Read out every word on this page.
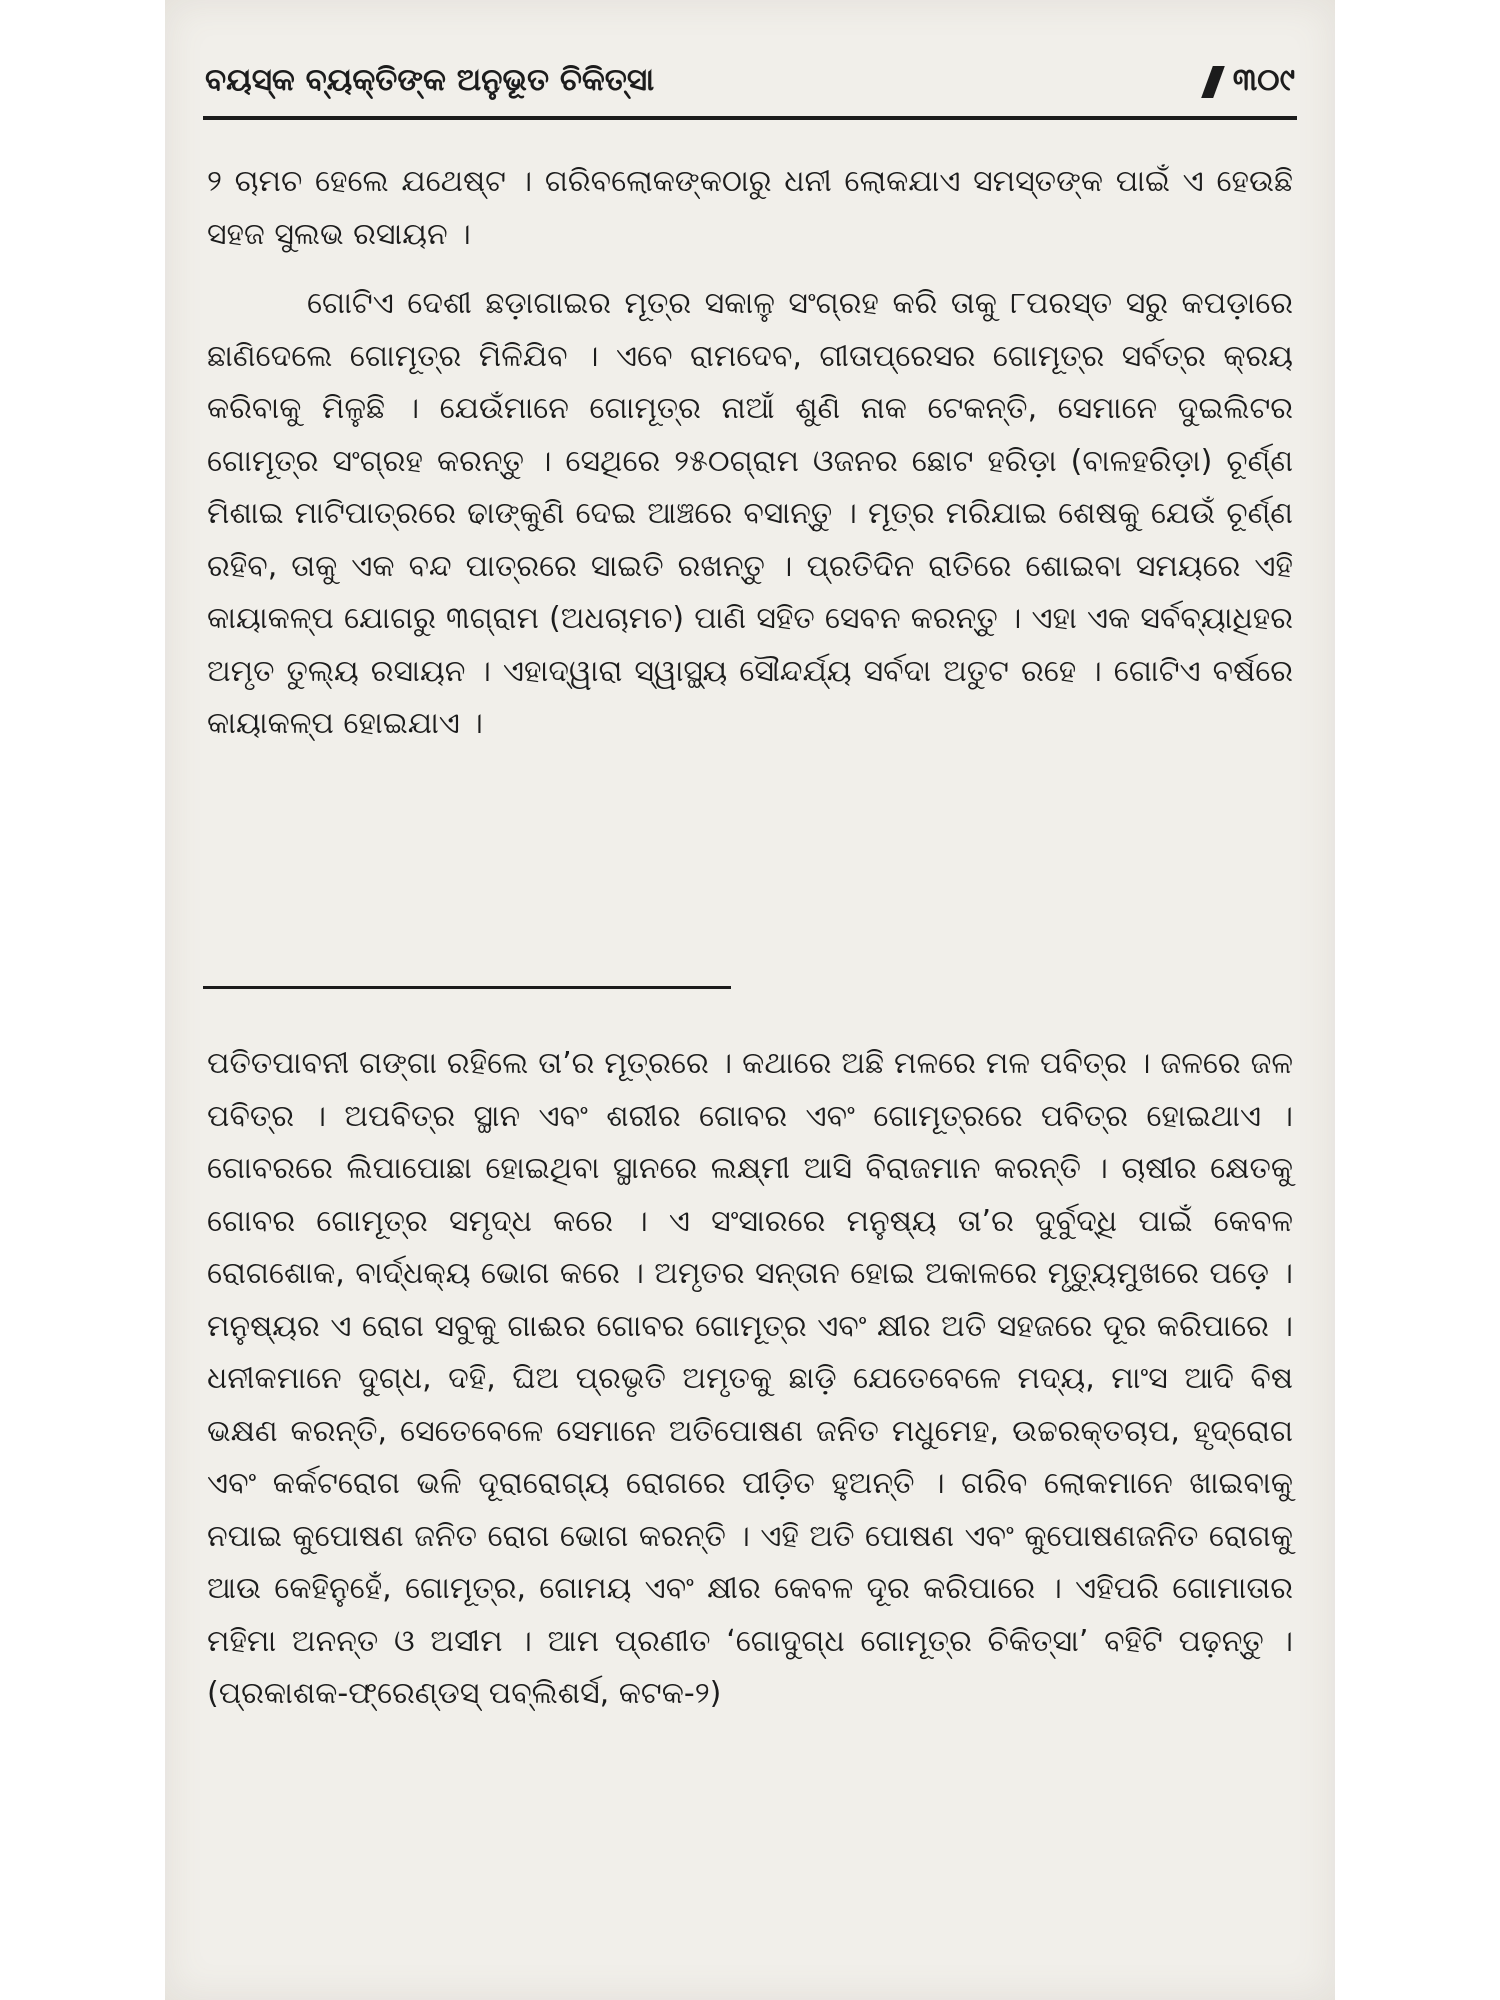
ବୟସ୍କ ବ୍ୟକ୍ତିଙ୍କ ଅନୁଭୂତ ଚିକିତ୍ସା	୩୦୯

୨ ଚାମଚ ହେଲେ ଯଥେଷ୍ଟ । ଗରିବଲୋକଙ୍କଠାରୁ ଧନୀ ଲୋକଯାଏ ସମସ୍ତଙ୍କ ପାଇଁ ଏ ହେଉଛି ସହଜ ସୁଲଭ ରସାୟନ ।

ଗୋଟିଏ ଦେଶୀ ଛଡ଼ାଗାଇର ମୂତ୍ର ସକାଳୁ ସଂଗ୍ରହ କରି ତାକୁ ୮ପରସ୍ତ ସରୁ କପଡ଼ାରେ ଛାଣିଦେଲେ ଗୋମୂତ୍ର ମିଳିଯିବ । ଏବେ ରାମଦେବ, ଗୀତାପ୍ରେସର ଗୋମୂତ୍ର ସର୍ବତ୍ର କ୍ରୟ କରିବାକୁ ମିଳୁଛି । ଯେଉଁମାନେ ଗୋମୂତ୍ର ନାଆଁ ଶୁଣି ନାକ ଟେକନ୍ତି, ସେମାନେ ଦୁଇଲିଟର ଗୋମୂତ୍ର ସଂଗ୍ରହ କରନ୍ତୁ । ସେଥିରେ ୨୫୦ଗ୍ରାମ ଓଜନର ଛୋଟ ହରିଡ଼ା (ବାଳହରିଡ଼ା) ଚୂର୍ଣ୍ଣ ମିଶାଇ ମାଟିପାତ୍ରରେ ଢାଙ୍କୁଣି ଦେଇ ଆଞ୍ଚରେ ବସାନ୍ତୁ । ମୂତ୍ର ମରିଯାଇ ଶେଷକୁ ଯେଉଁ ଚୂର୍ଣ୍ଣ ରହିବ, ତାକୁ ଏକ ବନ୍ଦ ପାତ୍ରରେ ସାଇତି ରଖନ୍ତୁ । ପ୍ରତିଦିନ ରାତିରେ ଶୋଇବା ସମୟରେ ଏହି କାୟାକଳ୍ପ ଯୋଗରୁ ୩ଗ୍ରାମ (ଅଧଚାମଚ) ପାଣି ସହିତ ସେବନ କରନ୍ତୁ । ଏହା ଏକ ସର୍ବବ୍ୟାଧିହର ଅମୃତ ତୁଲ୍ୟ ରସାୟନ । ଏହାଦ୍ୱାରା ସ୍ୱାସ୍ଥ୍ୟ ସୌନ୍ଦର୍ଯ୍ୟ ସର୍ବଦା ଅତୁଟ ରହେ । ଗୋଟିଏ ବର୍ଷରେ କାୟାକଳ୍ପ ହୋଇଯାଏ ।

ପତିତପାବନୀ ଗଙ୍ଗା ରହିଲେ ତା’ର ମୂତ୍ରରେ । କଥାରେ ଅଛି ମଳରେ ମଳ ପବିତ୍ର । ଜଳରେ ଜଳ ପବିତ୍ର । ଅପବିତ୍ର ସ୍ଥାନ ଏବଂ ଶରୀର ଗୋବର ଏବଂ ଗୋମୂତ୍ରରେ ପବିତ୍ର ହୋଇଥାଏ । ଗୋବରରେ ଲିପାପୋଛା ହୋଇଥିବା ସ୍ଥାନରେ ଲକ୍ଷ୍ମୀ ଆସି ବିରାଜମାନ କରନ୍ତି । ଚାଷୀର କ୍ଷେତକୁ ଗୋବର ଗୋମୂତ୍ର ସମୃଦ୍ଧ କରେ । ଏ ସଂସାରରେ ମନୁଷ୍ୟ ତା’ର ଦୁର୍ବୁଦ୍ଧି ପାଇଁ କେବଳ ରୋଗଶୋକ, ବାର୍ଦ୍ଧକ୍ୟ ଭୋଗ କରେ । ଅମୃତର ସନ୍ତାନ ହୋଇ ଅକାଳରେ ମୃତ୍ୟୁମୁଖରେ ପଡ଼େ । ମନୁଷ୍ୟର ଏ ରୋଗ ସବୁକୁ ଗାଈର ଗୋବର ଗୋମୂତ୍ର ଏବଂ କ୍ଷୀର ଅତି ସହଜରେ ଦୂର କରିପାରେ । ଧନୀକମାନେ ଦୁଗ୍ଧ, ଦହି, ଘିଅ ପ୍ରଭୃତି ଅମୃତକୁ ଛାଡ଼ି ଯେତେବେଳେ ମଦ୍ୟ, ମାଂସ ଆଦି ବିଷ ଭକ୍ଷଣ କରନ୍ତି, ସେତେବେଳେ ସେମାନେ ଅତିପୋଷଣ ଜନିତ ମଧୁମେହ, ଉଚ୍ଚରକ୍ତଚାପ, ହୃଦ୍‌ରୋଗ ଏବଂ କର୍କଟରୋଗ ଭଳି ଦୂରାରୋଗ୍ୟ ରୋଗରେ ପୀଡ଼ିତ ହୁଅନ୍ତି । ଗରିବ ଲୋକମାନେ ଖାଇବାକୁ ନପାଇ କୁପୋଷଣ ଜନିତ ରୋଗ ଭୋଗ କରନ୍ତି । ଏହି ଅତି ପୋଷଣ ଏବଂ କୁପୋଷଣଜନିତ ରୋଗକୁ ଆଉ କେହିନୁହେଁ, ଗୋମୂତ୍ର, ଗୋମୟ ଏବଂ କ୍ଷୀର କେବଳ ଦୂର କରିପାରେ । ଏହିପରି ଗୋମାତାର ମହିମା ଅନନ୍ତ ଓ ଅସୀମ । ଆମ ପ୍ରଣୀତ ‘ଗୋଦୁଗ୍ଧ ଗୋମୂତ୍ର ଚିକିତ୍ସା’ ବହିଟି ପଢ଼ନ୍ତୁ । (ପ୍ରକାଶକ-ଫ୍ରେଣ୍ଡସ୍ ପବ୍ଲିଶର୍ସ, କଟକ-୨)
